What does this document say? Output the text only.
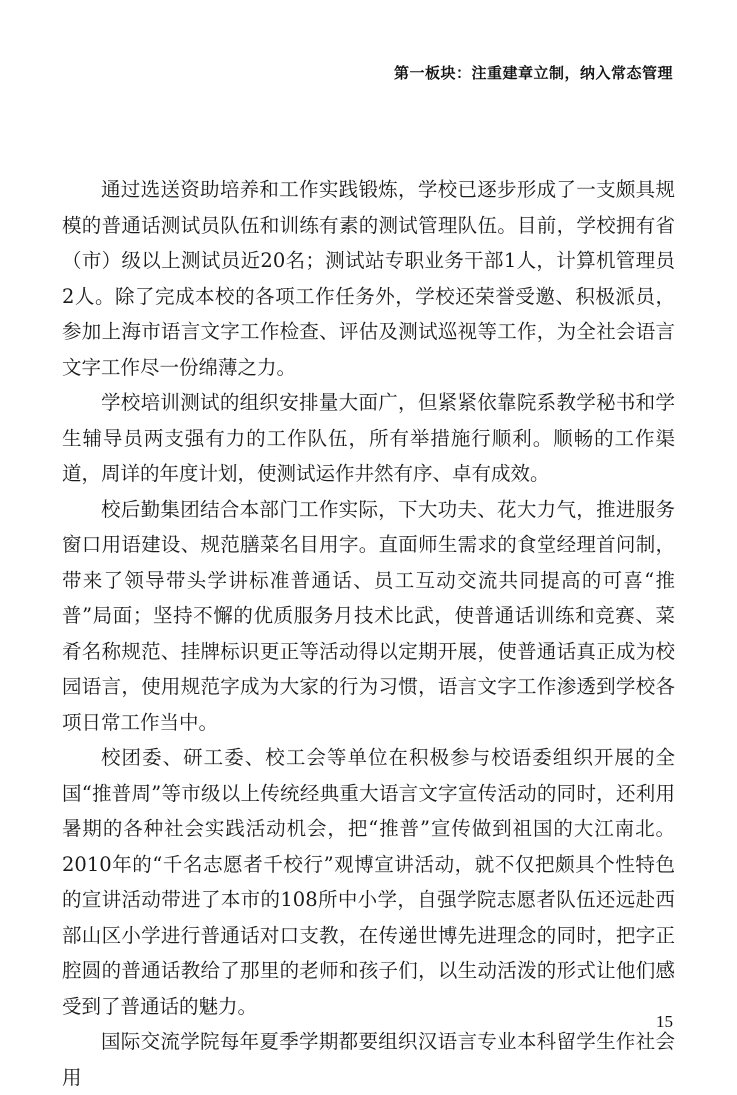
第一板块：注重建章立制，纳入常态管理

通过选送资助培养和工作实践锻炼，学校已逐步形成了一支颇具规模的普通话测试员队伍和训练有素的测试管理队伍。目前，学校拥有省（市）级以上测试员近20名；测试站专职业务干部1人，计算机管理员2人。除了完成本校的各项工作任务外，学校还荣誉受邀、积极派员，参加上海市语言文字工作检查、评估及测试巡视等工作，为全社会语言文字工作尽一份绵薄之力。

学校培训测试的组织安排量大面广，但紧紧依靠院系教学秘书和学生辅导员两支强有力的工作队伍，所有举措施行顺利。顺畅的工作渠道，周详的年度计划，使测试运作井然有序、卓有成效。

校后勤集团结合本部门工作实际，下大功夫、花大力气，推进服务窗口用语建设、规范膳菜名目用字。直面师生需求的食堂经理首问制，带来了领导带头学讲标准普通话、员工互动交流共同提高的可喜“推普”局面；坚持不懈的优质服务月技术比武，使普通话训练和竞赛、菜肴名称规范、挂牌标识更正等活动得以定期开展，使普通话真正成为校园语言，使用规范字成为大家的行为习惯，语言文字工作渗透到学校各项日常工作当中。

校团委、研工委、校工会等单位在积极参与校语委组织开展的全国“推普周”等市级以上传统经典重大语言文字宣传活动的同时，还利用暑期的各种社会实践活动机会，把“推普”宣传做到祖国的大江南北。2010年的“千名志愿者千校行”观博宣讲活动，就不仅把颇具个性特色的宣讲活动带进了本市的108所中小学，自强学院志愿者队伍还远赴西部山区小学进行普通话对口支教，在传递世博先进理念的同时，把字正腔圆的普通话教给了那里的老师和孩子们，以生动活泼的形式让他们感受到了普通话的魅力。

国际交流学院每年夏季学期都要组织汉语言专业本科留学生作社会用

15
